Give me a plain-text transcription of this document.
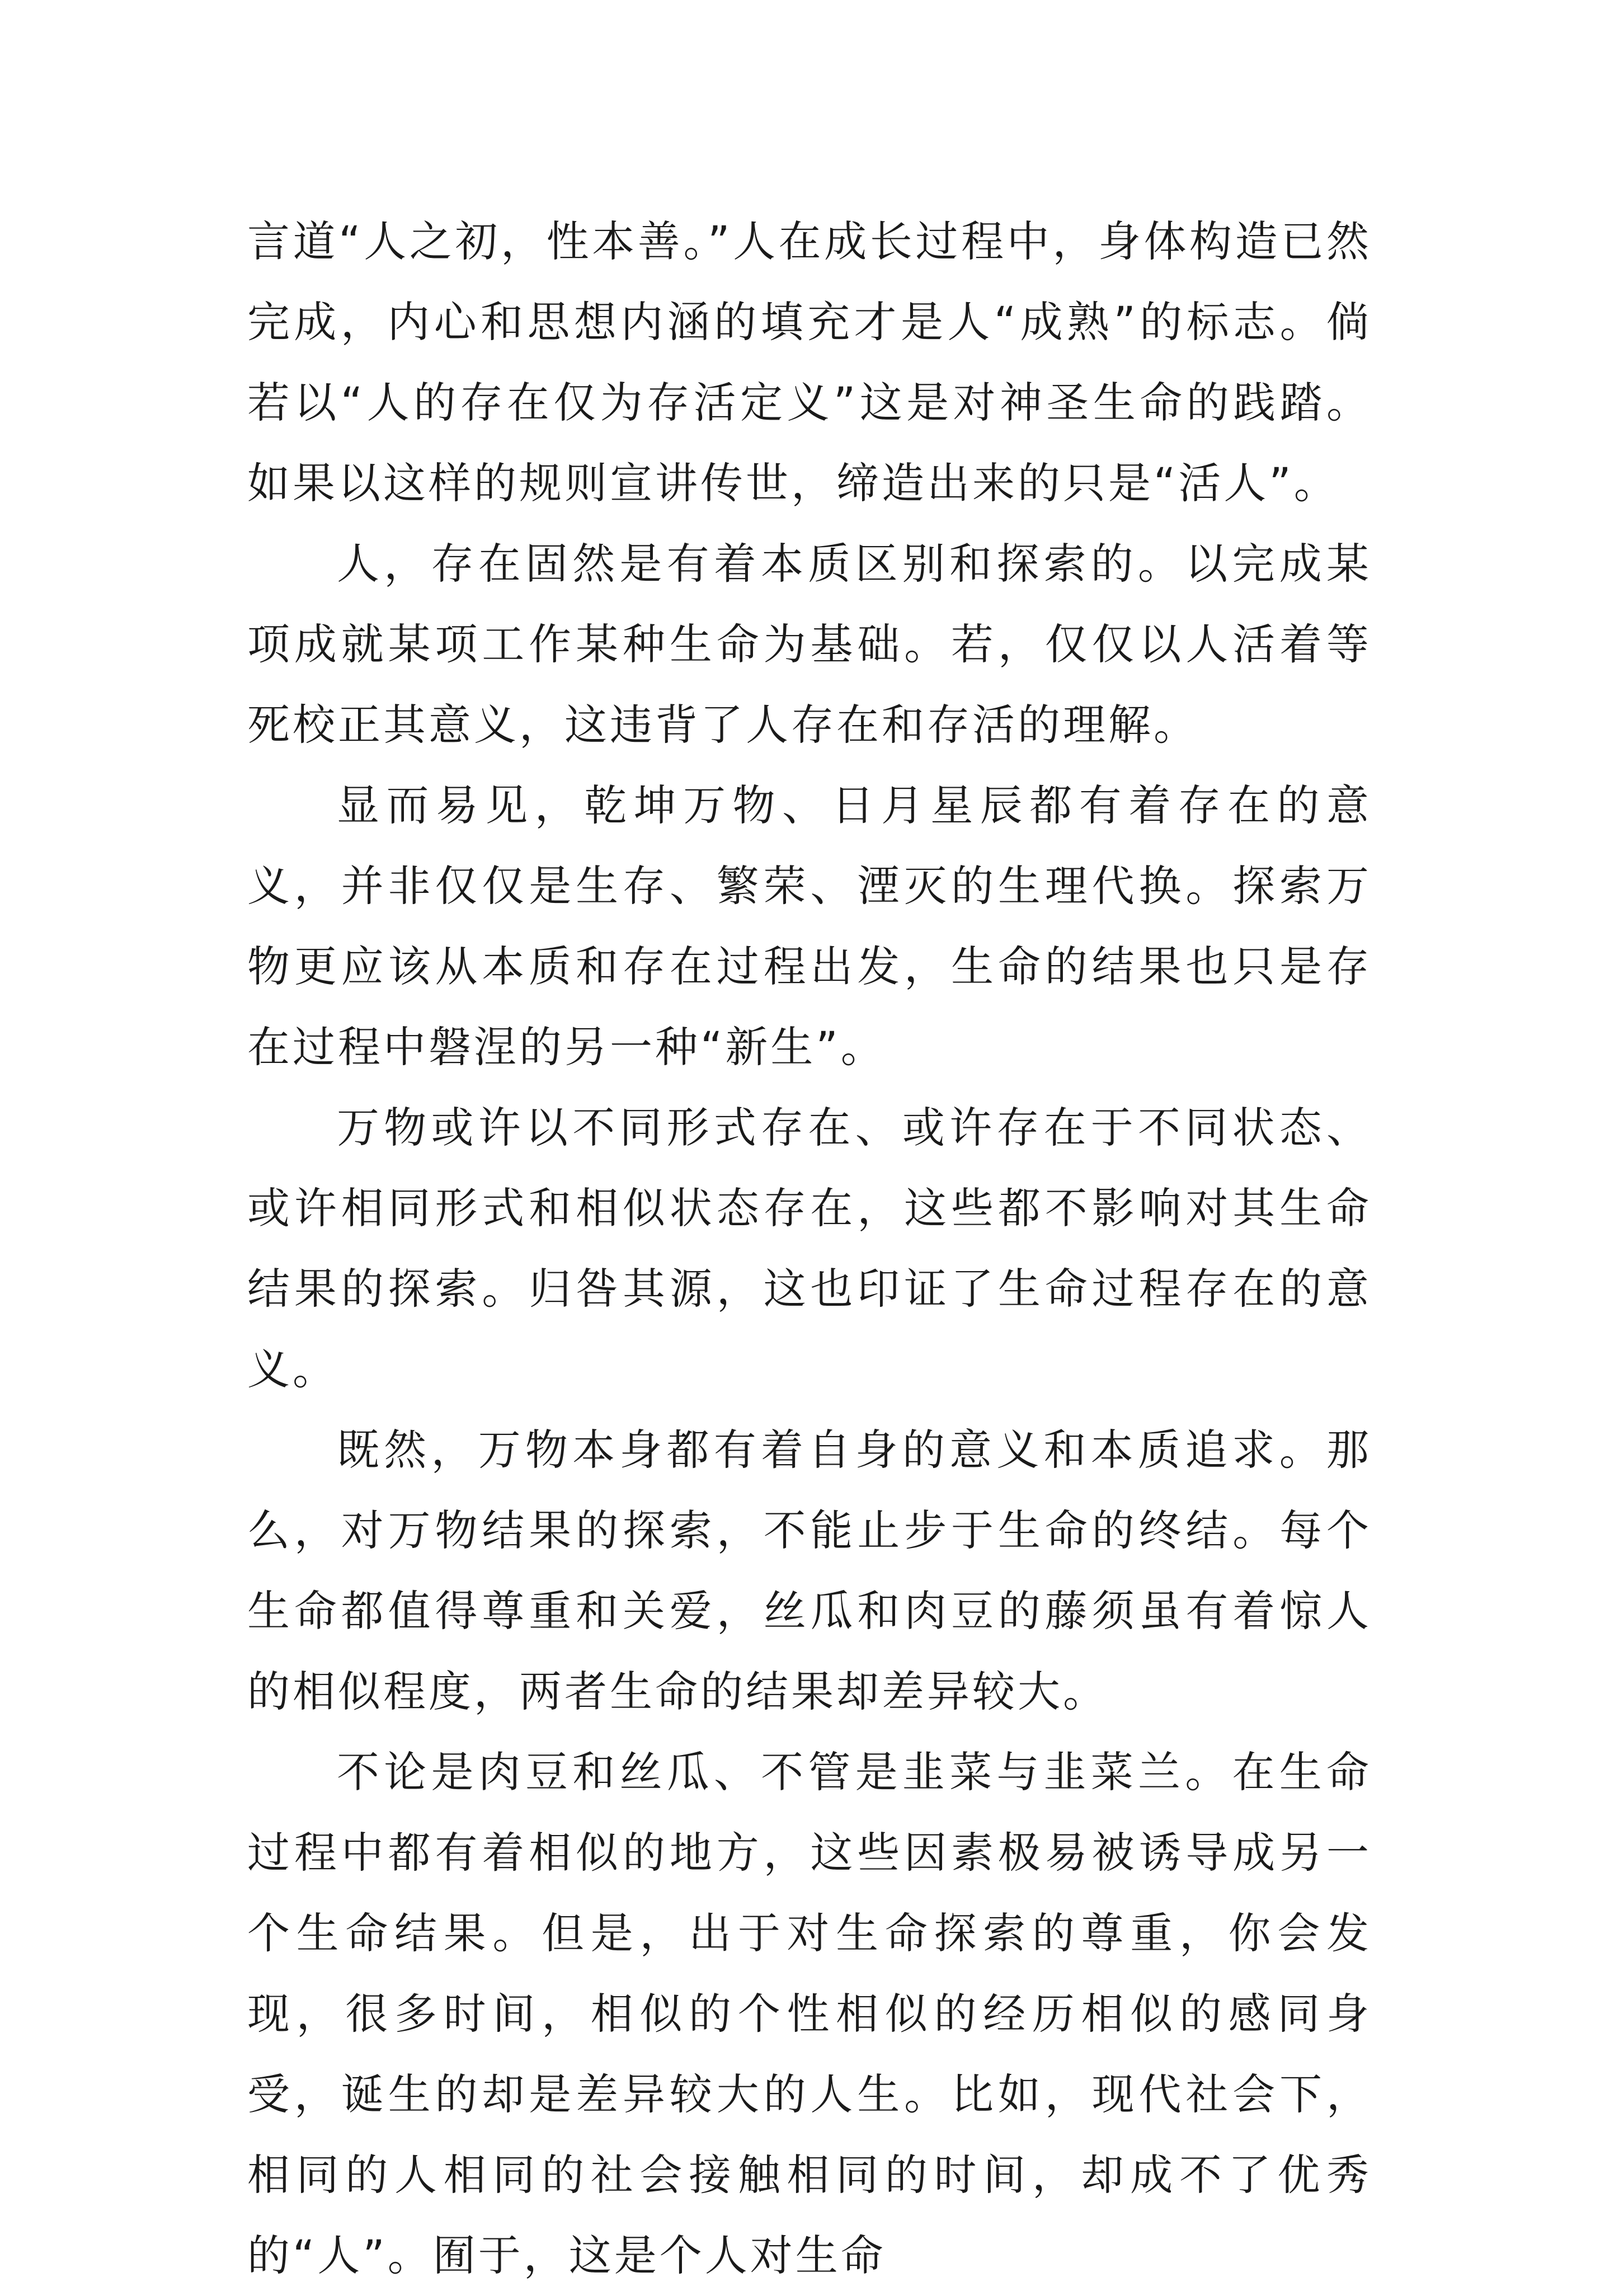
言道“人之初，性本善。”人在成长过程中，身体构造已然完成，内心和思想内涵的填充才是人“成熟”的标志。倘若以“人的存在仅为存活定义”这是对神圣生命的践踏。如果以这样的规则宣讲传世，缔造出来的只是“活人”。

人，存在固然是有着本质区别和探索的。以完成某项成就某项工作某种生命为基础。若，仅仅以人活着等死校正其意义，这违背了人存在和存活的理解。

显而易见，乾坤万物、日月星辰都有着存在的意义，并非仅仅是生存、繁荣、湮灭的生理代换。探索万物更应该从本质和存在过程出发，生命的结果也只是存在过程中磐涅的另一种“新生”。

万物或许以不同形式存在、或许存在于不同状态、或许相同形式和相似状态存在，这些都不影响对其生命结果的探索。归咎其源，这也印证了生命过程存在的意义。

既然，万物本身都有着自身的意义和本质追求。那么，对万物结果的探索，不能止步于生命的终结。每个生命都值得尊重和关爱，丝瓜和肉豆的藤须虽有着惊人的相似程度，两者生命的结果却差异较大。

不论是肉豆和丝瓜、不管是韭菜与韭菜兰。在生命过程中都有着相似的地方，这些因素极易被诱导成另一个生命结果。但是，出于对生命探索的尊重，你会发现，很多时间，相似的个性相似的经历相似的感同身受，诞生的却是差异较大的人生。比如，现代社会下，相同的人相同的社会接触相同的时间，却成不了优秀的“人”。囿于，这是个人对生命
